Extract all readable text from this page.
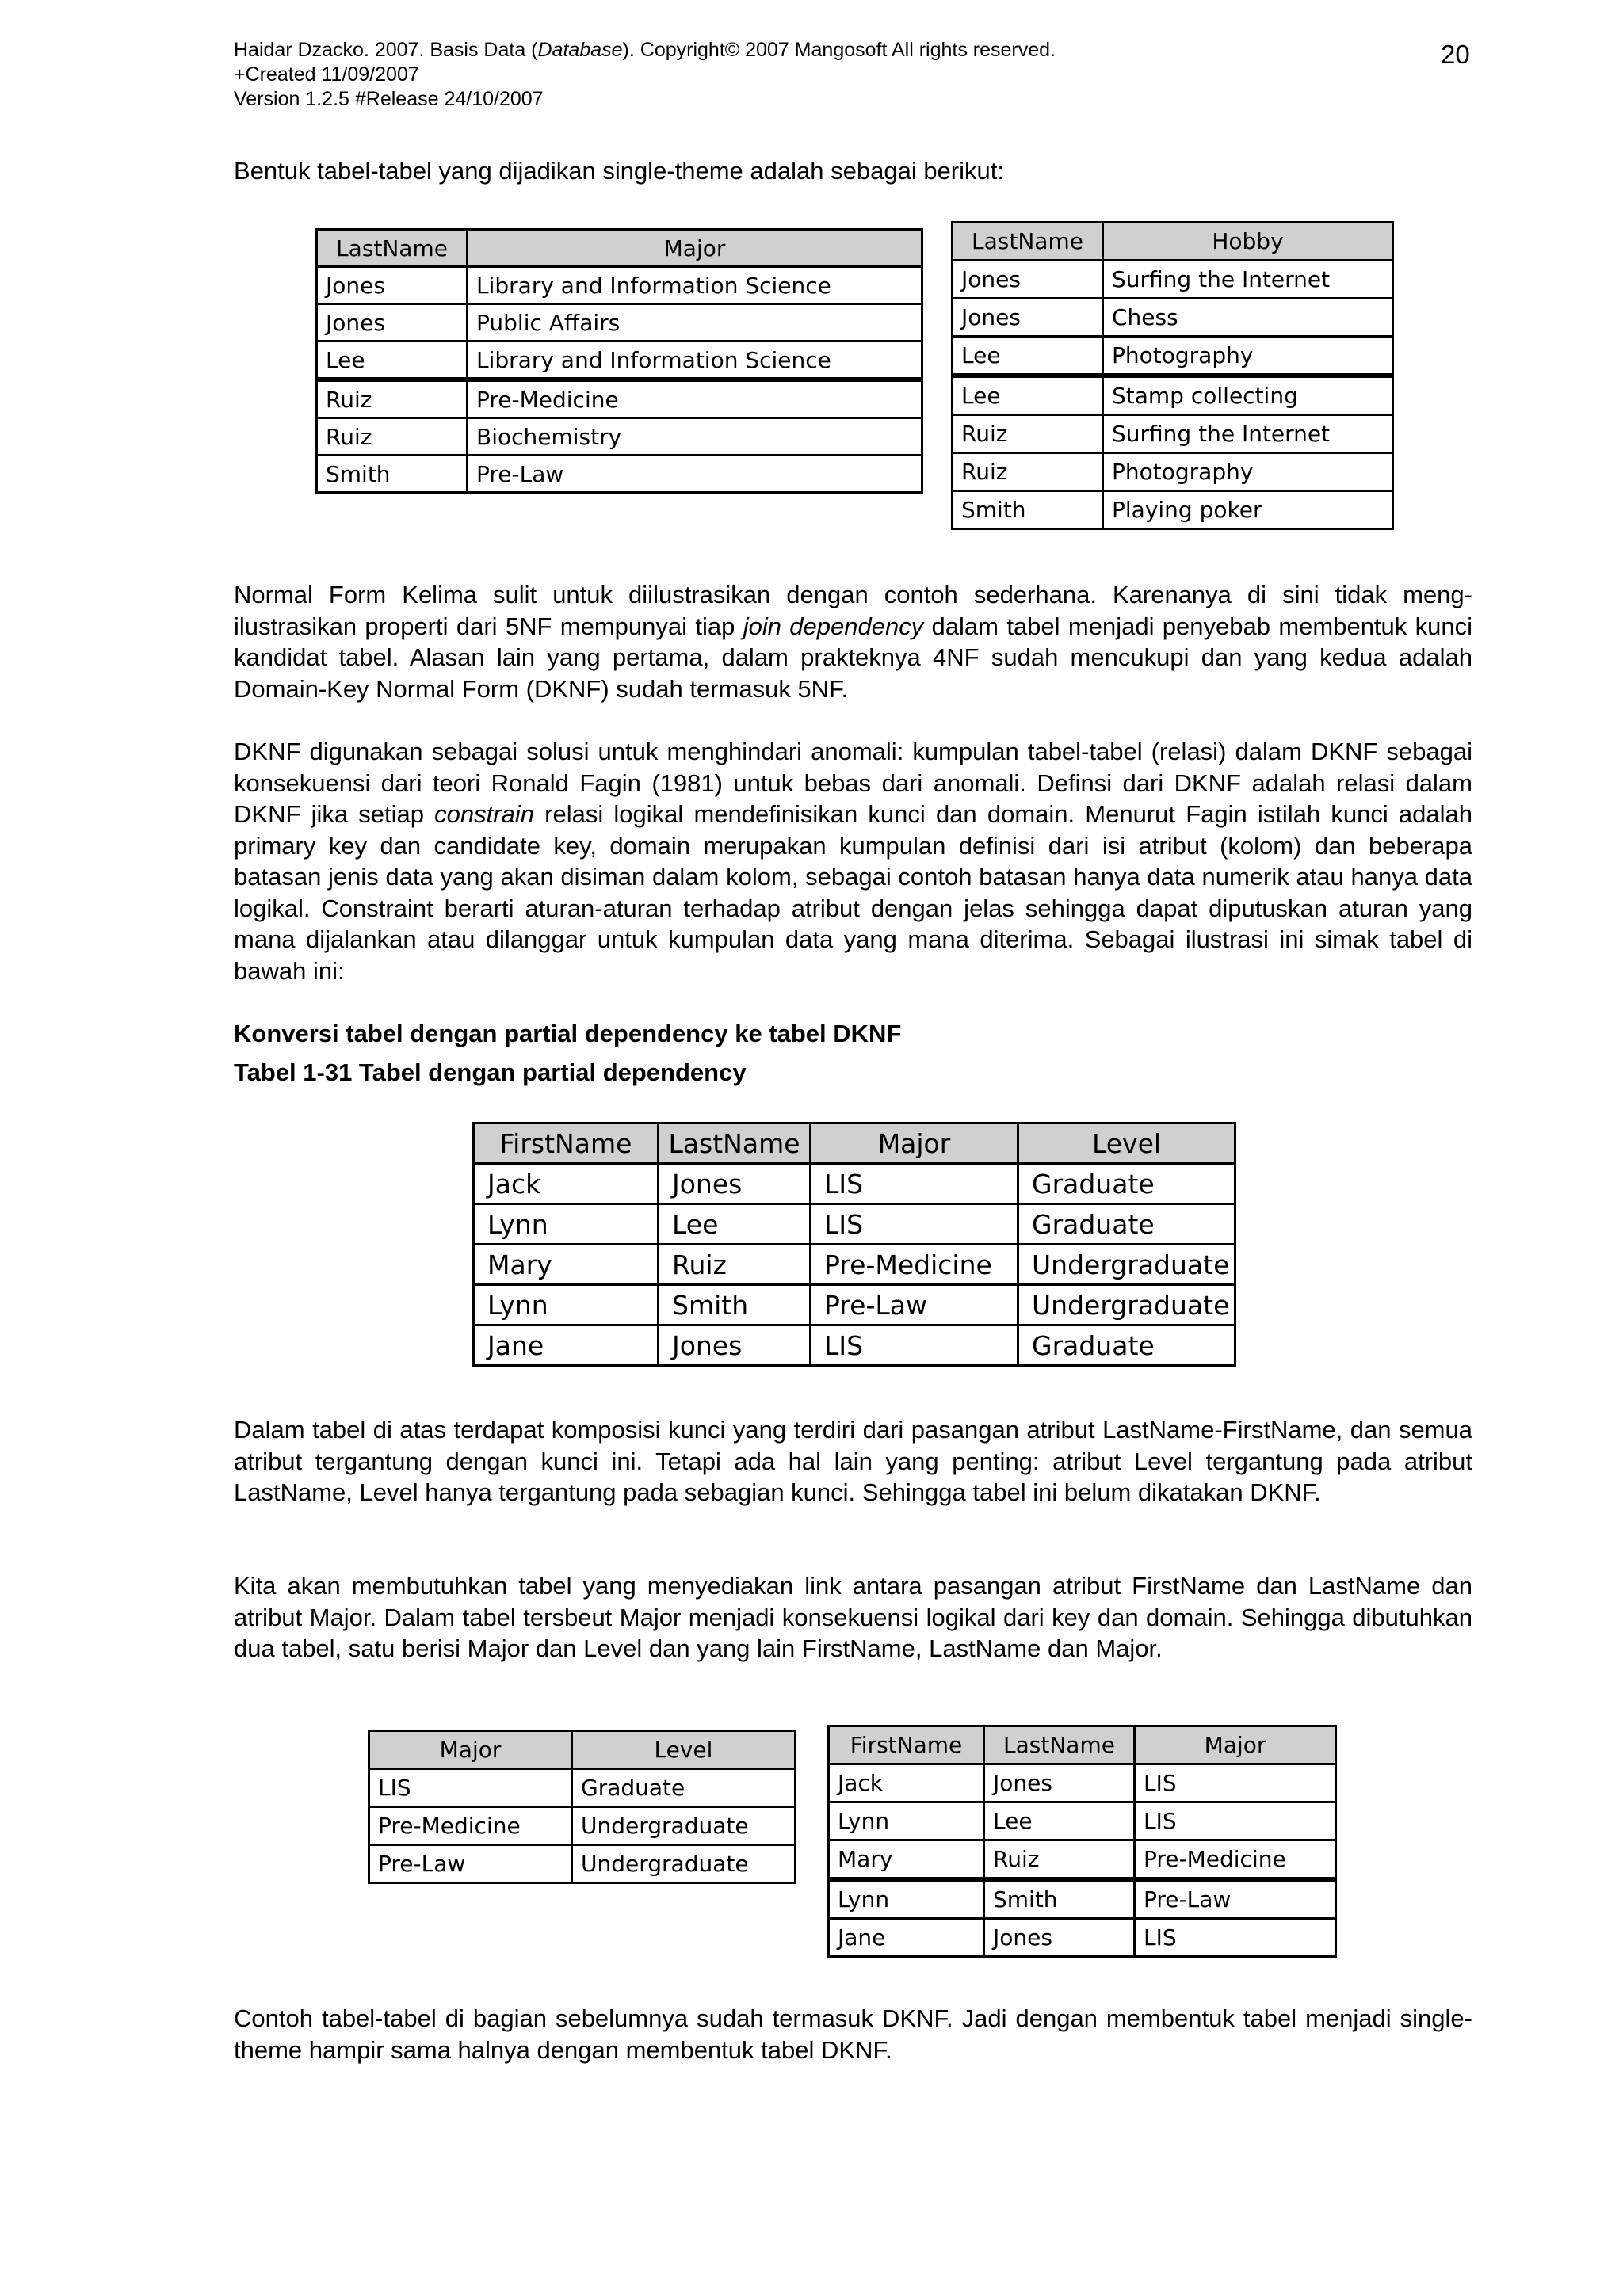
Haidar Dzacko. 2007. Basis Data (Database). Copyright© 2007 Mangosoft All rights reserved.
+Created 11/09/2007
Version 1.2.5 #Release 24/10/2007
20
Bentuk tabel-tabel yang dijadikan single-theme adalah sebagai berikut:
LastName	Major
Jones	Library and Information Science
Jones	Public Affairs
Lee	Library and Information Science
Ruiz	Pre-Medicine
Ruiz	Biochemistry
Smith	Pre-Law
LastName	Hobby
Jones	Surfing the Internet
Jones	Chess
Lee	Photography
Lee	Stamp collecting
Ruiz	Surfing the Internet
Ruiz	Photography
Smith	Playing poker
Normal Form Kelima sulit untuk diilustrasikan dengan contoh sederhana. Karenanya di sini tidak meng-ilustrasikan properti dari 5NF mempunyai tiap join dependency dalam tabel menjadi penyebab membentuk kunci kandidat tabel. Alasan lain yang pertama, dalam prakteknya 4NF sudah mencukupi dan yang kedua adalah Domain-Key Normal Form (DKNF) sudah termasuk 5NF.
DKNF digunakan sebagai solusi untuk menghindari anomali: kumpulan tabel-tabel (relasi) dalam DKNF sebagai konsekuensi dari teori Ronald Fagin (1981) untuk bebas dari anomali. Definsi dari DKNF adalah relasi dalam DKNF jika setiap constrain relasi logikal mendefinisikan kunci dan domain. Menurut Fagin istilah kunci adalah primary key dan candidate key, domain merupakan kumpulan definisi dari isi atribut (kolom) dan beberapa batasan jenis data yang akan disiman dalam kolom, sebagai contoh batasan hanya data numerik atau hanya data logikal. Constraint berarti aturan-aturan terhadap atribut dengan jelas sehingga dapat diputuskan aturan yang mana dijalankan atau dilanggar untuk kumpulan data yang mana diterima. Sebagai ilustrasi ini simak tabel di bawah ini:
Konversi tabel dengan partial dependency ke tabel DKNF
Tabel 1-31 Tabel dengan partial dependency
FirstName	LastName	Major	Level
Jack	Jones	LIS	Graduate
Lynn	Lee	LIS	Graduate
Mary	Ruiz	Pre-Medicine	Undergraduate
Lynn	Smith	Pre-Law	Undergraduate
Jane	Jones	LIS	Graduate
Dalam tabel di atas terdapat komposisi kunci yang terdiri dari pasangan atribut LastName-FirstName, dan semua atribut tergantung dengan kunci ini. Tetapi ada hal lain yang penting: atribut Level tergantung pada atribut LastName, Level hanya tergantung pada sebagian kunci. Sehingga tabel ini belum dikatakan DKNF.
Kita akan membutuhkan tabel yang menyediakan link antara pasangan atribut FirstName dan LastName dan atribut Major. Dalam tabel tersbeut Major menjadi konsekuensi logikal dari key dan domain. Sehingga dibutuhkan dua tabel, satu berisi Major dan Level dan yang lain FirstName, LastName dan Major.
Major	Level
LIS	Graduate
Pre-Medicine	Undergraduate
Pre-Law	Undergraduate
FirstName	LastName	Major
Jack	Jones	LIS
Lynn	Lee	LIS
Mary	Ruiz	Pre-Medicine
Lynn	Smith	Pre-Law
Jane	Jones	LIS
Contoh tabel-tabel di bagian sebelumnya sudah termasuk DKNF. Jadi dengan membentuk tabel menjadi single-theme hampir sama halnya dengan membentuk tabel DKNF.
